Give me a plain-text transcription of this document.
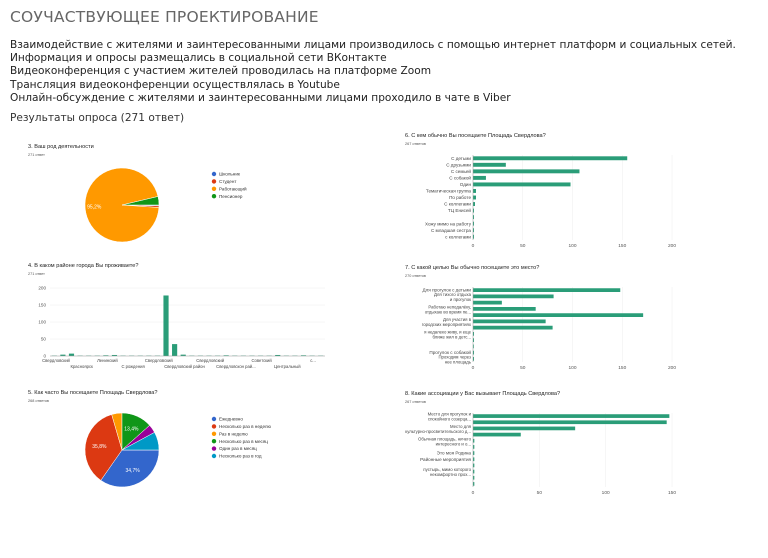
СОУЧАСТВУЮЩЕЕ ПРОЕКТИРОВАНИЕ
Взаимодействие с жителями и заинтересованными лицами производилось с помощью интернет платформ и социальных сетей.
Информация и опросы размещались в социальной сети ВКонтакте
Видеоконференция с участием жителей проводилась на платформе Zoom
Трансляция видеоконференции осуществлялась в Youtube
Онлайн-обсуждение с жителями и заинтересованными лицами проходило в чате в Viber
Результаты опроса (271 ответ)
3. Ваш род деятельности
271 ответ
95,2%
Школьник
Студент
Работающий
Пенсионер
6. С кем обычно Вы посещаете Площадь Свердлова?
267 ответов
0	50	100	150	200
С детьми
С друзьями
С семьей
С собакой
Один
Тематическая группа
По работе
С коллегами
ТЦ Енисей
Хожу мимо на работу
С младшая сестра
с коллегами
4. В каком районе города Вы проживаете?
271 ответ
0
50
100
150
200
Свердловский
Красноярск
Ленинский
С рождения
Свердловский
Свердловский район
Свердловский
Свердловскон рай...
Советский
Центральный
с...
7. С какой целью Вы обычно посещаете это место?
270 ответов
0	50	100	150	200
Для прогулок с детьми
Для тихого отдыха и прогулок
Работаю неподалёку, отдыхаю во время пе...
Для участия в городских мероприятиях
я недалеко живу, и еще ближе жил в детс...
Прогулок с собакой
Проходим через нее площадь
5. Как часто Вы посещаете Площадь Свердлова?
268 ответов
34,7%
35,8%
13,4%
Ежедневно
Несколько раз в неделю
Раз в неделю
Несколько раз в месяц
Один раз в месяц
Несколько раз в год
8. Какие ассоциации у Вас вызывает Площадь Свердлова?
267 ответов
0	50	100	150
Место для прогулок и спокойного созерца...
Место для культурно-просветительского д...
Обычная площадь, ничего интересного и о...
Это моя Родина
Районные мероприятия
пустырь, мимо которого некомфортно прох...
